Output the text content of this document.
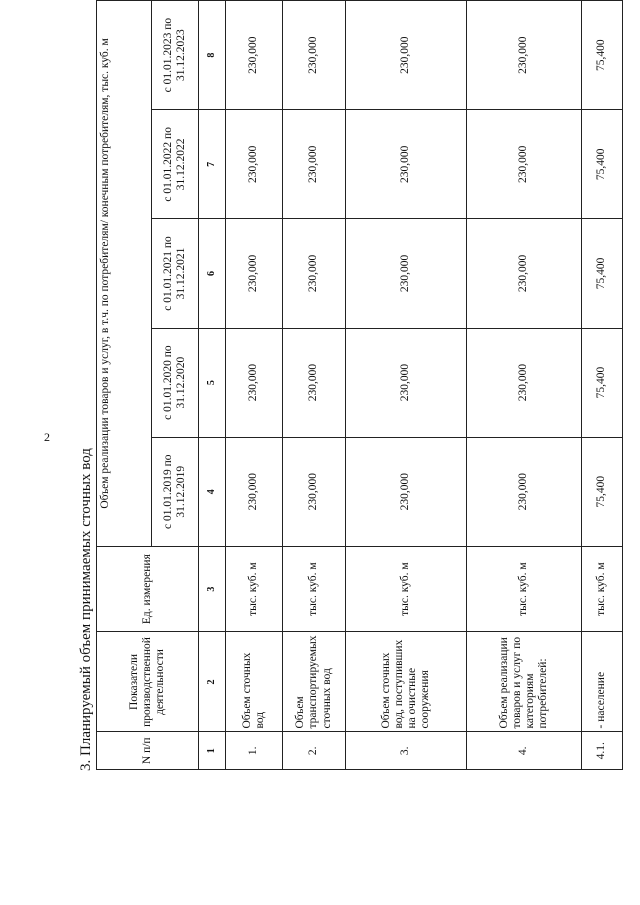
2
3. Планируемый объем принимаемых сточных вод	N п/п	Показатели производственной деятельности	Ед. измерения	Объем реализации товаров и услуг, в т.ч. по потребителям/ конечным потребителям, тыс. куб. м				
			с 01.01.2019 по 31.12.2019	с 01.01.2020 по 31.12.2020	с 01.01.2021 по 31.12.2021	с 01.01.2022 по 31.12.2022	с 01.01.2023 по 31.12.2023
1	2	3	4	5	6	7	8
1.	Объем сточных вод	тыс. куб. м	230,000	230,000	230,000	230,000	230,000
2.	Объем транспортируемых сточных вод	тыс. куб. м	230,000	230,000	230,000	230,000	230,000
3.	Объем сточных вод, поступивших на очистные сооружения	тыс. куб. м	230,000	230,000	230,000	230,000	230,000
4.	Объем реализации товаров и услуг по категориям потребителей:	тыс. куб. м	230,000	230,000	230,000	230,000	230,000
4.1.	- население	тыс. куб. м	75,400	75,400	75,400	75,400	75,400
